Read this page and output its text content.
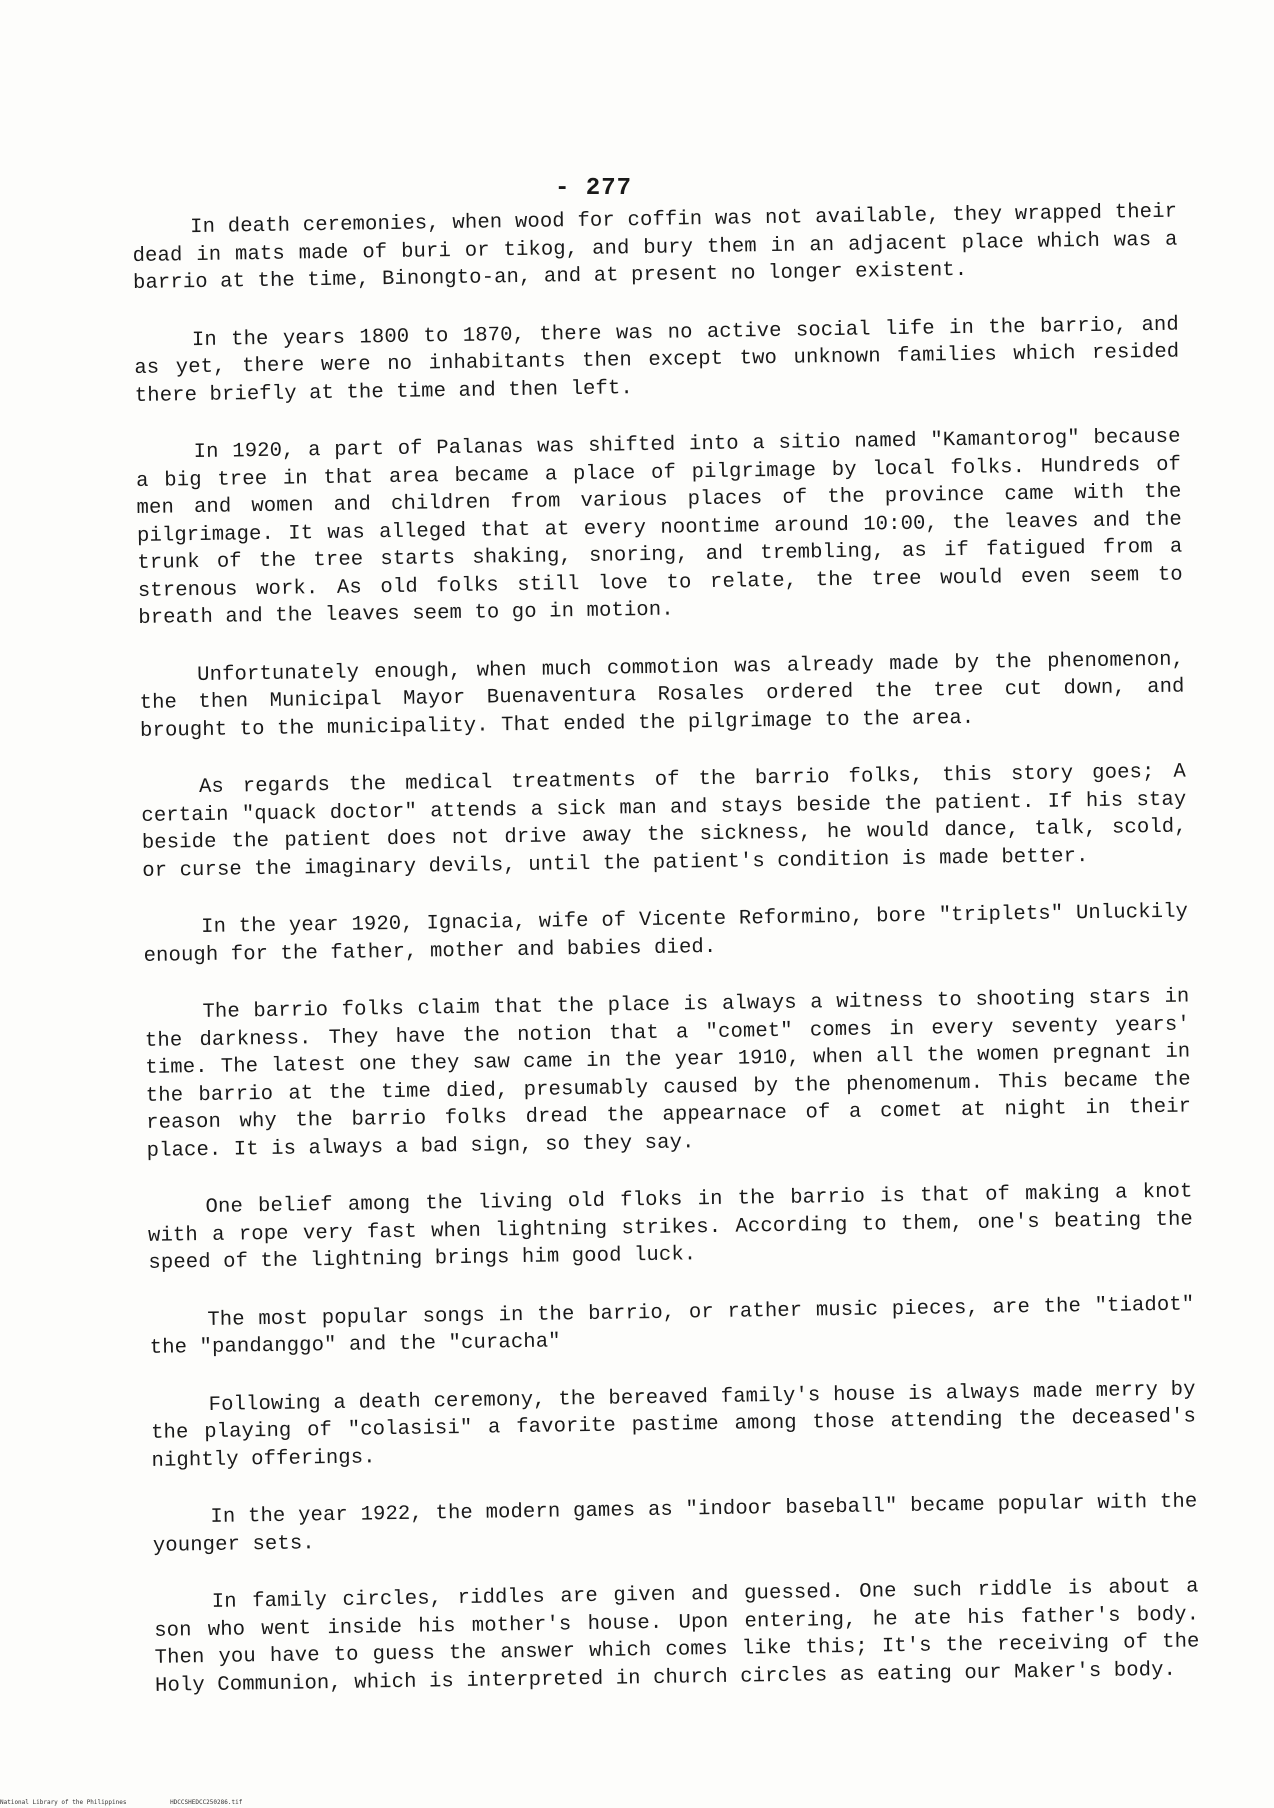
- 277

In death ceremonies, when wood for coffin was not available, they wrapped their dead in mats made of buri or tikog, and bury them in an adjacent place which was a barrio at the time, Binongto-an, and at present no longer existent.

In the years 1800 to 1870, there was no active social life in the barrio, and as yet, there were no inhabitants then except two unknown families which resided there briefly at the time and then left.

In 1920, a part of Palanas was shifted into a sitio named "Kamantorog" because a big tree in that area became a place of pilgrimage by local folks. Hundreds of men and women and children from various places of the province came with the pilgrimage. It was alleged that at every noontime around 10:00, the leaves and the trunk of the tree starts shaking, snoring, and trembling, as if fatigued from a strenous work. As old folks still love to relate, the tree would even seem to breath and the leaves seem to go in motion.

Unfortunately enough, when much commotion was already made by the phenomenon, the then Municipal Mayor Buenaventura Rosales ordered the tree cut down, and brought to the municipality. That ended the pilgrimage to the area.

As regards the medical treatments of the barrio folks, this story goes; A certain "quack doctor" attends a sick man and stays beside the patient. If his stay beside the patient does not drive away the sickness, he would dance, talk, scold, or curse the imaginary devils, until the patient's condition is made better.

In the year 1920, Ignacia, wife of Vicente Reformino, bore "triplets" Unluckily enough for the father, mother and babies died.

The barrio folks claim that the place is always a witness to shooting stars in the darkness. They have the notion that a "comet" comes in every seventy years' time. The latest one they saw came in the year 1910, when all the women pregnant in the barrio at the time died, presumably caused by the phenomenum. This became the reason why the barrio folks dread the appearnace of a comet at night in their place. It is always a bad sign, so they say.

One belief among the living old floks in the barrio is that of making a knot with a rope very fast when lightning strikes. According to them, one's beating the speed of the lightning brings him good luck.

The most popular songs in the barrio, or rather music pieces, are the "tiadot" the "pandanggo" and the "curacha"

Following a death ceremony, the bereaved family's house is always made merry by the playing of "colasisi" a favorite pastime among those attending the deceased's nightly offerings.

In the year 1922, the modern games as "indoor baseball" became popular with the younger sets.

In family circles, riddles are given and guessed. One such riddle is about a son who went inside his mother's house. Upon entering, he ate his father's body. Then you have to guess the answer which comes like this; It's the receiving of the Holy Communion, which is interpreted in church circles as eating our Maker's body.

National Library of the Philippines	HDCCSHEDCC250286.tif
